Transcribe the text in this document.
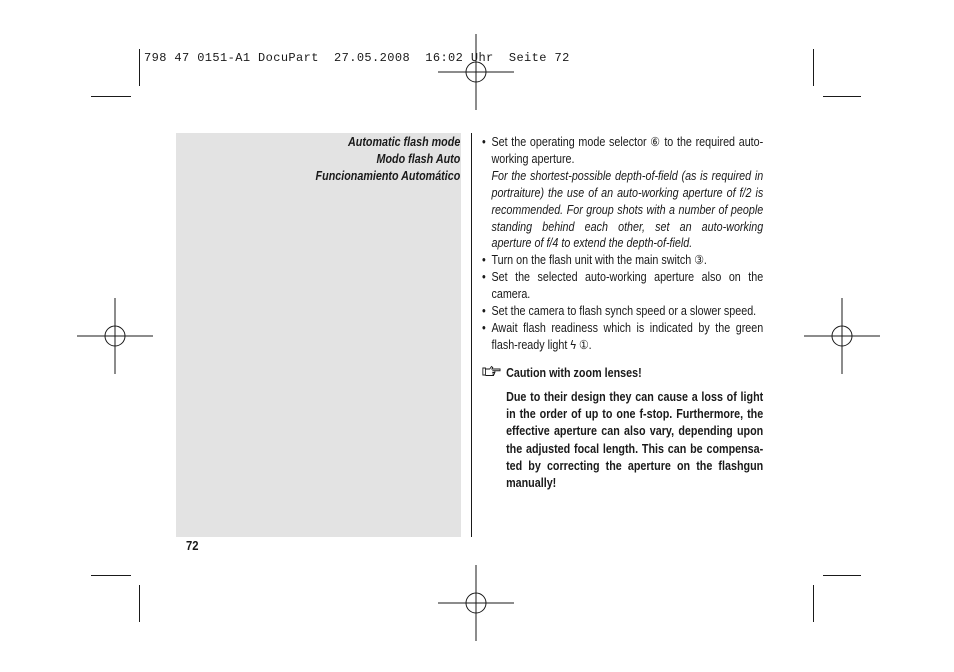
798 47 0151-A1 DocuPart  27.05.2008  16:02 Uhr  Seite 72
Automatic flash mode
Modo flash Auto
Funcionamiento Automático
72
• Set the operating mode selector ⑥ to the required auto-working aperture.
For the shortest-possible depth-of-field (as is required in portraiture) the use of an auto-working aperture of f/2 is recommended. For group shots with a number of people standing behind each other, set an auto-working aperture of f/4 to extend the depth-of-field.
• Turn on the flash unit with the main switch ③.
• Set the selected auto-working aperture also on the camera.
• Set the camera to flash synch speed or a slower speed.
• Await flash readiness which is indicated by the green flash-ready light ϟ ①.
Caution with zoom lenses!
Due to their design they can cause a loss of light in the order of up to one f-stop. Furthermore, the effective aperture can also vary, depending upon the adjusted focal length. This can be compensa-ted by correcting the aperture on the flashgun manually!
